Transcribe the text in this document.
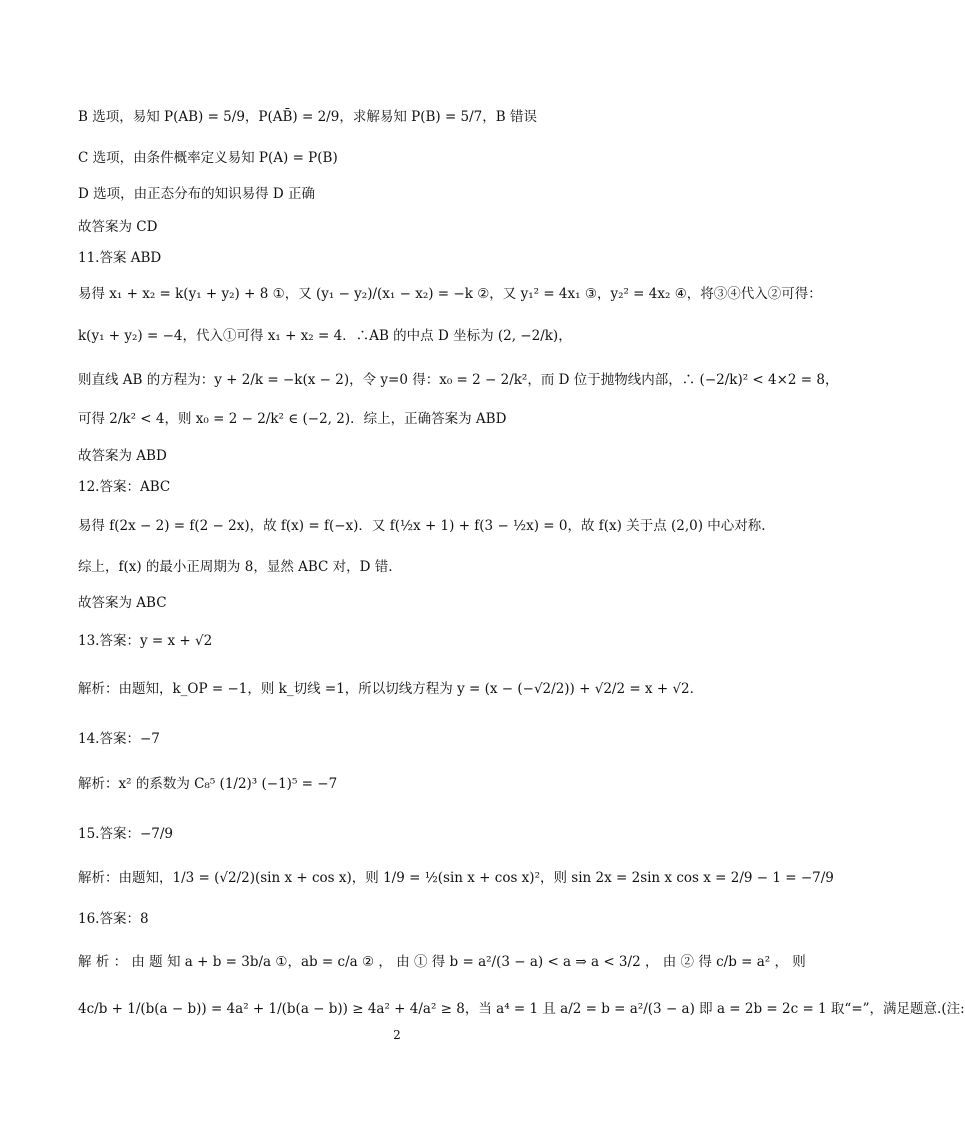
B 选项，易知 P(AB) = 5/9，P(AB̄) = 2/9，求解易知 P(B) = 5/7，B 错误
C 选项，由条件概率定义易知 P(A) = P(B)
D 选项，由正态分布的知识易得 D 正确
故答案为 CD
11.答案 ABD
易得 x₁ + x₂ = k(y₁ + y₂) + 8 ①，又 (y₁ − y₂)/(x₁ − x₂) = −k ②，又 y₁² = 4x₁ ③，y₂² = 4x₂ ④，将③④代入②可得：
k(y₁ + y₂) = −4，代入①可得 x₁ + x₂ = 4．∴AB 的中点 D 坐标为 (2, −2/k)，
则直线 AB 的方程为：y + 2/k = −k(x − 2)，令 y=0 得：x₀ = 2 − 2/k²，而 D 位于抛物线内部，∴ (−2/k)² < 4×2 = 8，
可得 2/k² < 4，则 x₀ = 2 − 2/k² ∈ (−2, 2)．综上，正确答案为 ABD
故答案为 ABD
12.答案：ABC
易得 f(2x − 2) = f(2 − 2x)，故 f(x) = f(−x)．又 f(½x + 1) + f(3 − ½x) = 0，故 f(x) 关于点 (2,0) 中心对称.
综上，f(x) 的最小正周期为 8，显然 ABC 对，D 错.
故答案为 ABC
13.答案：y = x + √2
解析：由题知，k_OP = −1，则 k_切线 =1，所以切线方程为 y = (x − (−√2/2)) + √2/2 = x + √2．
14.答案：−7
解析：x² 的系数为 C₈⁵ (1/2)³ (−1)⁵ = −7
15.答案：−7/9
解析：由题知，1/3 = (√2/2)(sin x + cos x)，则 1/9 = ½(sin x + cos x)²，则 sin 2x = 2sin x cos x = 2/9 − 1 = −7/9
16.答案：8
解 析 ： 由 题 知 a + b = 3b/a ①，ab = c/a ② ， 由 ① 得 b = a²/(3 − a) < a ⇒ a < 3/2 ， 由 ② 得 c/b = a² ， 则
4c/b + 1/(b(a − b)) = 4a² + 1/(b(a − b)) ≥ 4a² + 4/a² ≥ 8，当 a⁴ = 1 且 a/2 = b = a²/(3 − a) 即 a = 2b = 2c = 1 取“=”，满足题意.(注:
2
